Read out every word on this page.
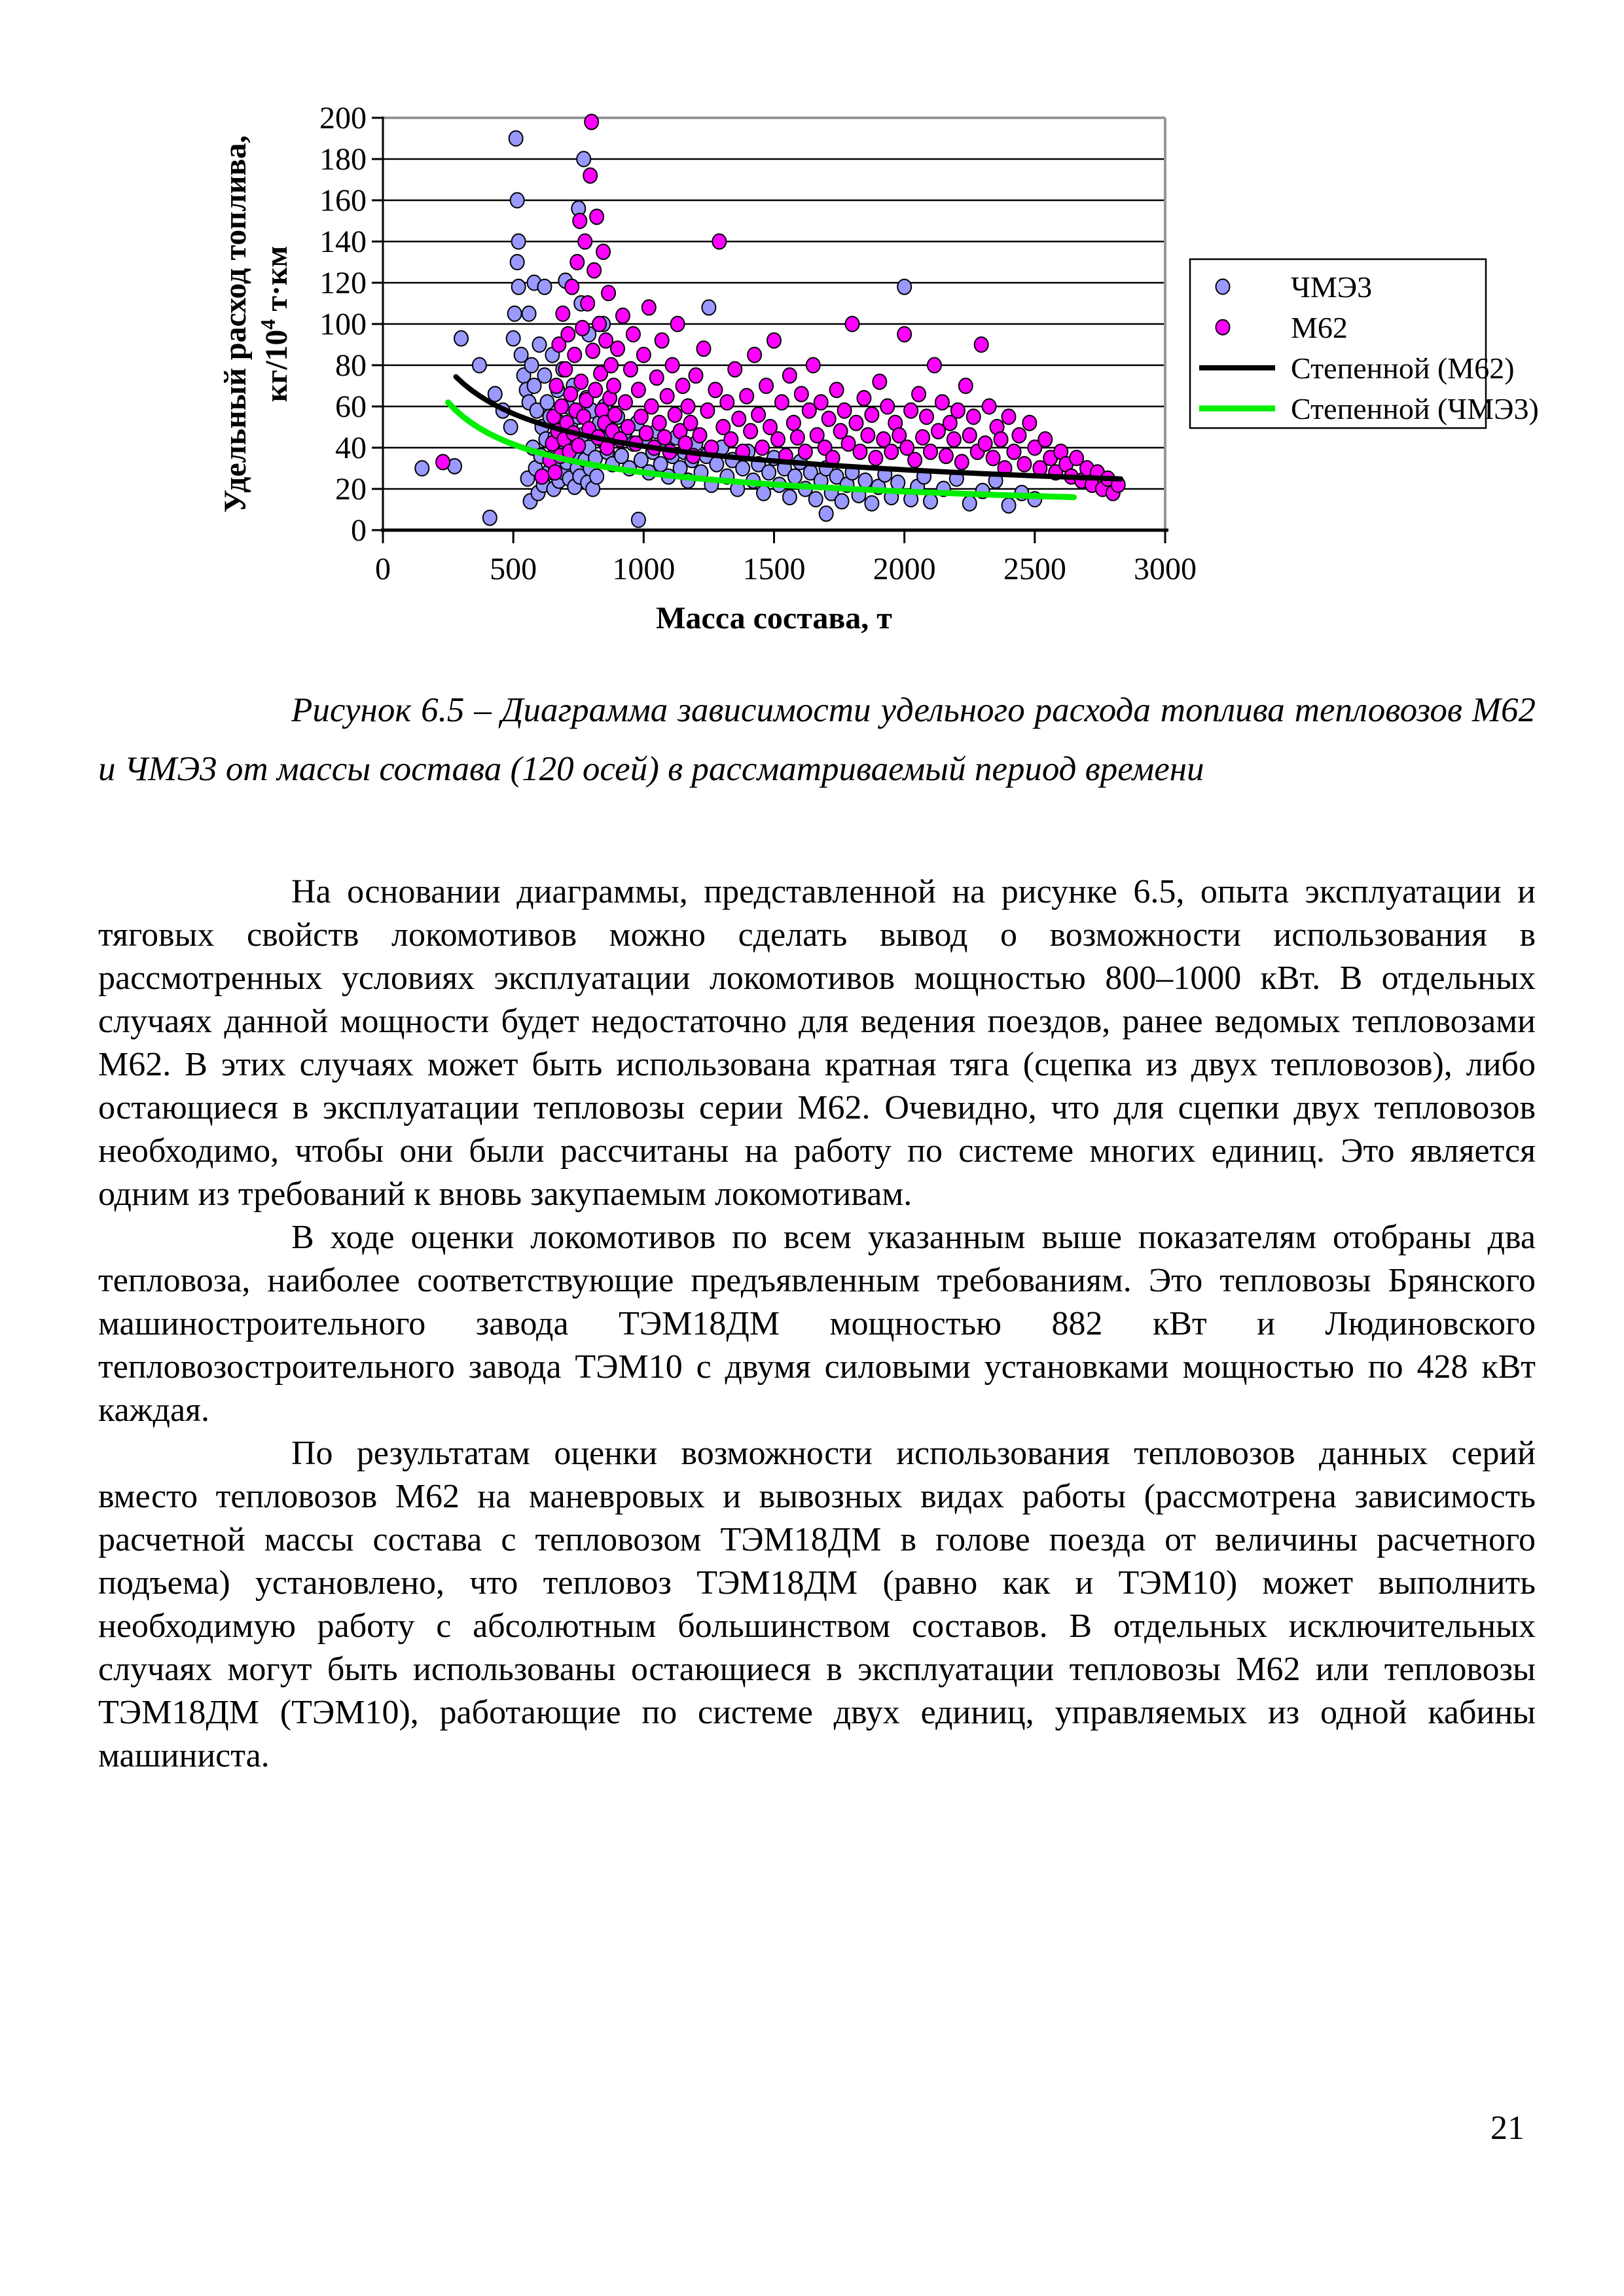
0
20
40
60
80
100
120
140
160
180
200
0	500 1000 1500 2000 2500 3000
Масса состава, т
Удельный расход топлива, $кг/10^4$ т·км	ЧМЭ3
М62
Степенной (М62)
Степенной (ЧМЭ3)
Рисунок 6.5 – Диаграмма зависимости удельного расхода топлива тепловозов М62 и ЧМЭ3 от массы состава (120 осей) в рассматриваемый период времени

На основании диаграммы, представленной на рисунке 6.5, опыта эксплуатации и тяговых свойств локомотивов можно сделать вывод о возможности использования в рассмотренных условиях эксплуатации локомотивов мощностью 800–1000 кВт. В отдельных случаях данной мощности будет недостаточно для ведения поездов, ранее ведомых тепловозами М62. В этих случаях может быть использована кратная тяга (сцепка из двух тепловозов), либо остающиеся в эксплуатации тепловозы серии М62. Очевидно, что для сцепки двух тепловозов необходимо, чтобы они были рассчитаны на работу по системе многих единиц. Это является одним из требований к вновь закупаемым локомотивам.

В ходе оценки локомотивов по всем указанным выше показателям отобраны два тепловоза, наиболее соответствующие предъявленным требованиям. Это тепловозы Брянского машиностроительного завода ТЭМ18ДМ мощностью 882 кВт и Людиновского тепловозостроительного завода ТЭМ10 с двумя силовыми установками мощностью по 428 кВт каждая.

По результатам оценки возможности использования тепловозов данных серий вместо тепловозов М62 на маневровых и вывозных видах работы (рассмотрена зависимость расчетной массы состава с тепловозом ТЭМ18ДМ в голове поезда от величины расчетного подъема) установлено, что тепловоз ТЭМ18ДМ (равно как и ТЭМ10) может выполнить необходимую работу с абсолютным большинством составов. В отдельных исключительных случаях могут быть использованы остающиеся в эксплуатации тепловозы М62 или тепловозы ТЭМ18ДМ (ТЭМ10), работающие по системе двух единиц, управляемых из одной кабины машиниста.

21
